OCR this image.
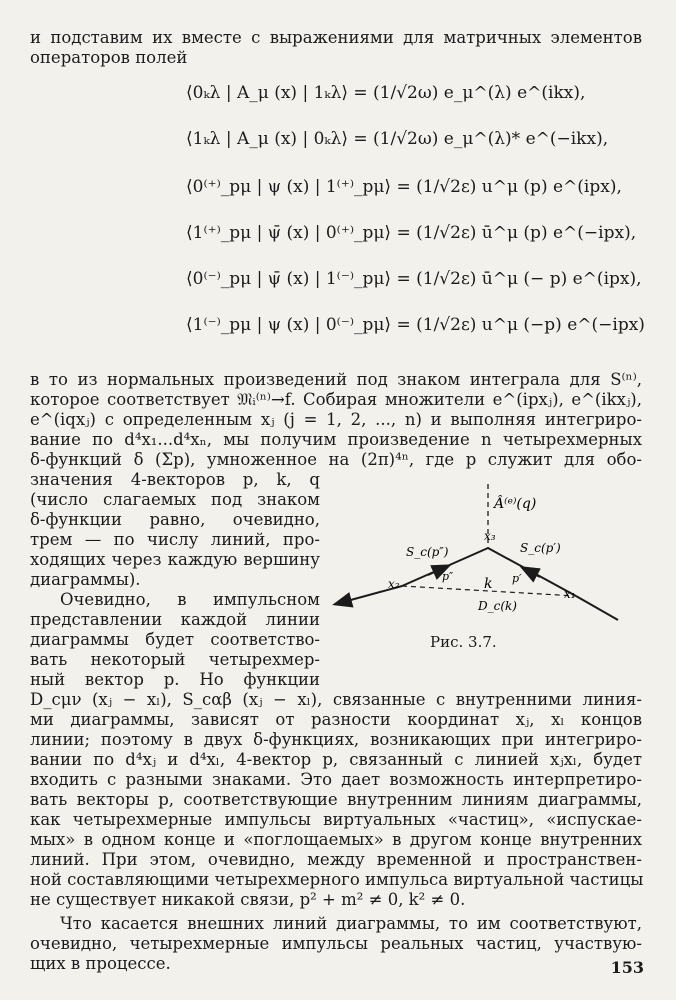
и подставим их вместе с выражениями для матричных элементов
операторов полей
⟨0ₖλ | A_μ (x) | 1ₖλ⟩ = (1/√2ω) e_μ^(λ) e^(ikx),
⟨1ₖλ | A_μ (x) | 0ₖλ⟩ = (1/√2ω) e_μ^(λ)* e^(−ikx),
⟨0⁽⁺⁾_pμ | ψ (x) | 1⁽⁺⁾_pμ⟩ = (1/√2ε) u^μ (p) e^(ipx),
⟨1⁽⁺⁾_pμ | ψ̄ (x) | 0⁽⁺⁾_pμ⟩ = (1/√2ε) ū^μ (p) e^(−ipx),
⟨0⁽⁻⁾_pμ | ψ̄ (x) | 1⁽⁻⁾_pμ⟩ = (1/√2ε) ū^μ (− p) e^(ipx),
⟨1⁽⁻⁾_pμ | ψ (x) | 0⁽⁻⁾_pμ⟩ = (1/√2ε) u^μ (−p) e^(−ipx)
в то из нормальных произведений под знаком интеграла для S⁽ⁿ⁾,
которое соответствует 𝔐ᵢ⁽ⁿ⁾→f. Собирая множители e^(ipxⱼ), e^(ikxⱼ),
e^(iqxⱼ) с определенным xⱼ (j = 1, 2, ..., n) и выполняя интегриро-
вание по d⁴x₁...d⁴xₙ, мы получим произведение n четырехмерных
δ-функций δ (Σp), умноженное на (2π)⁴ⁿ, где p служит для обо-
значения 4-векторов p, k, q
(число слагаемых под знаком
δ-функции равно, очевидно,
трем — по числу линий, про-
ходящих через каждую вершину
диаграммы).
Очевидно, в импульсном
представлении каждой линии
диаграммы будет соответство-
вать некоторый четырехмер-
ный вектор p. Но функции
D_cμν (xⱼ − xₗ), S_cαβ (xⱼ − xₗ), связанные с внутренними линия-
ми диаграммы, зависят от разности координат xⱼ, xₗ концов
линии; поэтому в двух δ-функциях, возникающих при интегриро-
вании по d⁴xⱼ и d⁴xₗ, 4-вектор p, связанный с линией xⱼxₗ, будет
входить с разными знаками. Это дает возможность интерпретиро-
вать векторы p, соответствующие внутренним линиям диаграммы,
как четырехмерные импульсы виртуальных «частиц», «испускае-
мых» в одном конце и «поглощаемых» в другом конце внутренних
линий. При этом, очевидно, между временной и пространствен-
ной составляющими четырехмерного импульса виртуальной частицы
не существует никакой связи, p² + m² ≠ 0, k² ≠ 0.
Что касается внешних линий диаграммы, то им соответствуют,
очевидно, четырехмерные импульсы реальных частиц, участвую-
щих в процессе.
Â⁽ᵉ⁾(q)
x₃
x₂
x₁
S_c(p″)	S_c(p′)
p″	p′
k
D_c(k)
Рис. 3.7.
153
